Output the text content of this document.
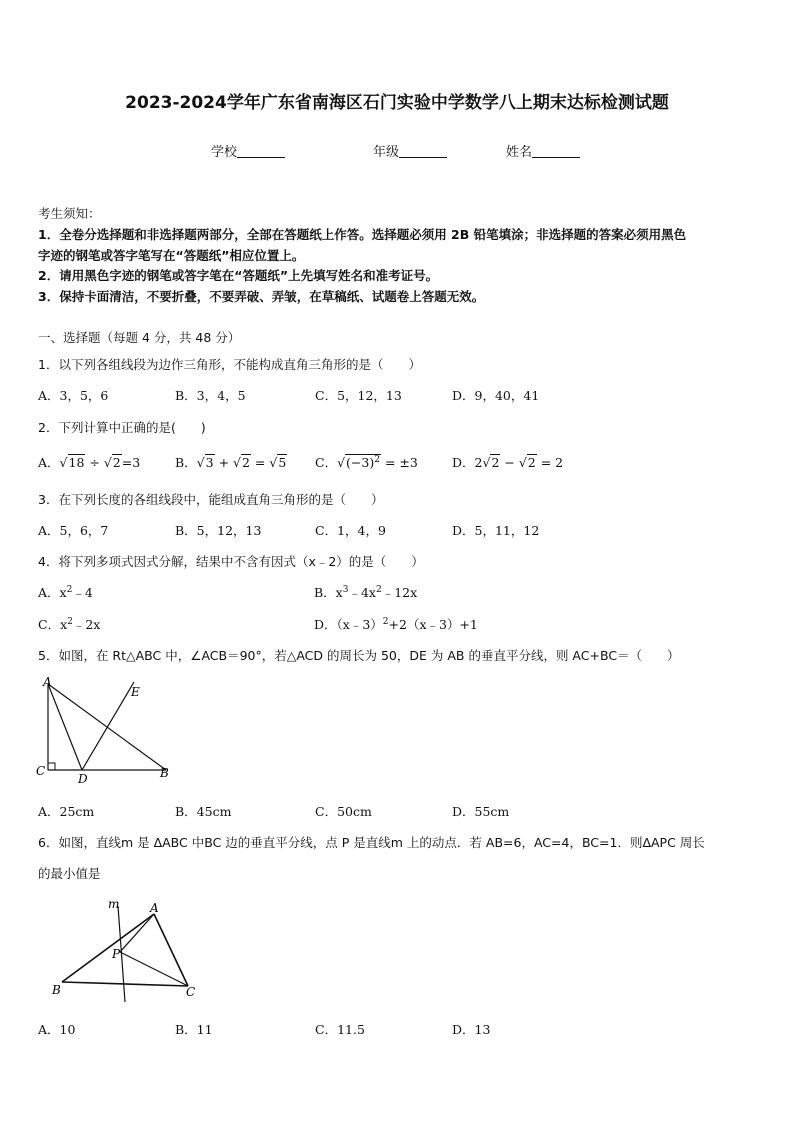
2023-2024学年广东省南海区石门实验中学数学八上期末达标检测试题
学校	年级	姓名
考生须知：
1．全卷分选择题和非选择题两部分，全部在答题纸上作答。选择题必须用 2B 铅笔填涂；非选择题的答案必须用黑色
字迹的钢笔或答字笔写在“答题纸”相应位置上。
2．请用黑色字迹的钢笔或答字笔在“答题纸”上先填写姓名和准考证号。
3．保持卡面清洁，不要折叠，不要弄破、弄皱，在草稿纸、试题卷上答题无效。
一、选择题（每题 4 分，共 48 分）
1．以下列各组线段为边作三角形，不能构成直角三角形的是（　　）
A．3，5，6	B．3，4，5	C．5，12，13	D．9，40，41
2．下列计算中正确的是(　　)
A．√18 ÷ √2=3	B．√3 + √2 = √5 C．$√(-3)^2 = \pm 3$	D．2√2 − √2 = 2
3．在下列长度的各组线段中，能组成直角三角形的是（　　）
A．5，6，7	B．5，12，13	C．1，4，9	D．5，11，12
4．将下列多项式因式分解，结果中不含有因式（x﹣2）的是（　　）
A．$x^2﹣4$	B．$x^3﹣4x^2﹣12x$
C．$x^2﹣2x$	D．（x﹣3）$^2$+2（x﹣3）+1
5．如图，在 Rt△ABC 中，∠ACB＝90°，若△ACD 的周长为 50，DE 为 AB 的垂直平分线，则 AC+BC＝（　　）
A
E
C
D	B
A．25cm	B．45cm	C．50cm	D．55cm
6．如图，直线m 是 ΔABC 中BC 边的垂直平分线，点 P 是直线m 上的动点．若 AB=6，AC=4，BC=1．则ΔAPC 周长
的最小值是
m	A
P
B	C
A．10	B．11	C．11.5	D．13
